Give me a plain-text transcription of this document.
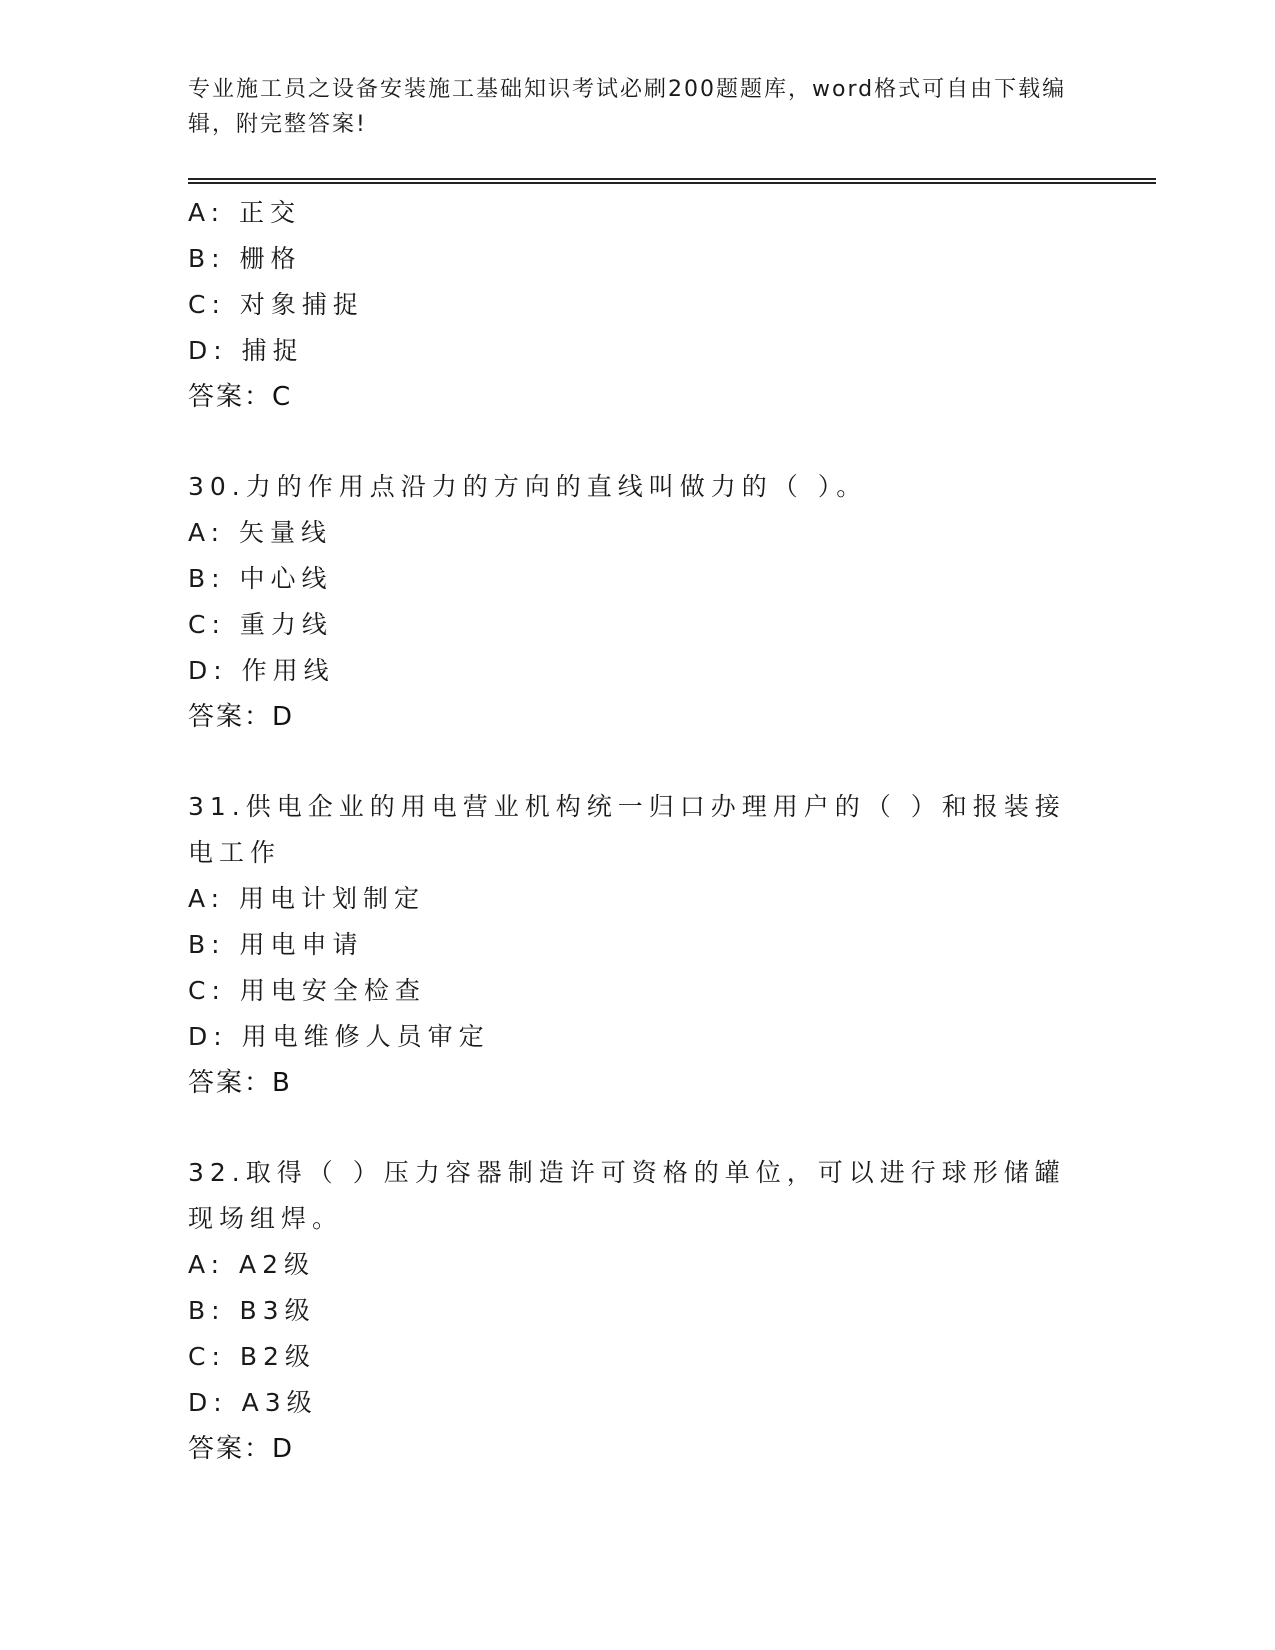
专业施工员之设备安装施工基础知识考试必刷200题题库，word格式可自由下载编辑，附完整答案!
A: 正交
B: 栅格
C: 对象捕捉
D: 捕捉
答案：C
30.力的作用点沿力的方向的直线叫做力的（ ）。
A: 矢量线
B: 中心线
C: 重力线
D: 作用线
答案：D
31.供电企业的用电营业机构统一归口办理用户的（ ）和报装接电工作
A: 用电计划制定
B: 用电申请
C: 用电安全检查
D: 用电维修人员审定
答案：B
32.取得（ ）压力容器制造许可资格的单位，可以进行球形储罐现场组焊。
A: A2级
B: B3级
C: B2级
D: A3级
答案：D
